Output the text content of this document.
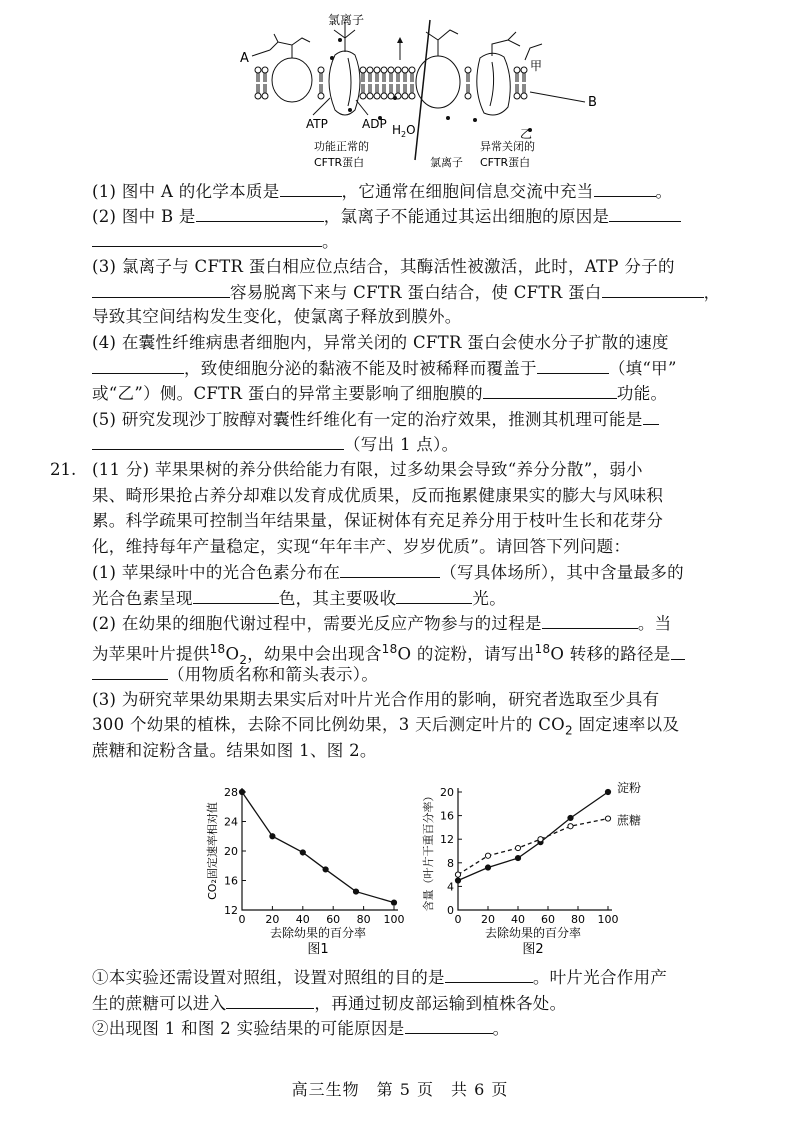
氯离子
A
B
甲
乙
ATP	ADP $H_2O$
功能正常的
CFTR蛋白	氯离子
异常关闭的
CFTR蛋白
(1) 图中 A 的化学本质是	，它通常在细胞间信息交流中充当	。
(2) 图中 B 是	，氯离子不能通过其运出细胞的原因是
。
(3) 氯离子与 CFTR 蛋白相应位点结合，其酶活性被激活，此时，ATP 分子的
容易脱离下来与 CFTR 蛋白结合，使 CFTR 蛋白	，
导致其空间结构发生变化，使氯离子释放到膜外。
(4) 在囊性纤维病患者细胞内，异常关闭的 CFTR 蛋白会使水分子扩散的速度
，致使细胞分泌的黏液不能及时被稀释而覆盖于	（填“甲”
或“乙”）侧。CFTR 蛋白的异常主要影响了细胞膜的	功能。
(5) 研究发现沙丁胺醇对囊性纤维化有一定的治疗效果，推测其机理可能是
（写出 1 点）。
21. (11 分) 苹果果树的养分供给能力有限，过多幼果会导致“养分分散”，弱小
果、畸形果抢占养分却难以发育成优质果，反而拖累健康果实的膨大与风味积
累。科学疏果可控制当年结果量，保证树体有充足养分用于枝叶生长和花芽分
化，维持每年产量稳定，实现“年年丰产、岁岁优质”。请回答下列问题：
(1) 苹果绿叶中的光合色素分布在	（写具体场所），其中含量最多的
光合色素呈现	色，其主要吸收	光。
(2) 在幼果的细胞代谢过程中，需要光反应产物参与的过程是	。当
为苹果叶片提供$^{18}O_2$，幼果中会出现含$^{18}$O 的淀粉，请写出$^{18}$O 转移的路径是
（用物质名称和箭头表示）。
(3) 为研究苹果幼果期去果实后对叶片光合作用的影响，研究者选取至少具有
300 个幼果的植株，去除不同比例幼果，3 天后测定叶片的 $CO_2$ 固定速率以及
蔗糖和淀粉含量。结果如图 1、图 2。
12
16
20
24
28
0 20 40 60 80 100
去除幼果的百分率
图1
CO₂固定速率相对值
0
4
8
12
16
20
0 20 40 60 80 100
去除幼果的百分率
图2
含量（叶片干重百分率）
淀粉
蔗糖
①本实验还需设置对照组，设置对照组的目的是	。叶片光合作用产
生的蔗糖可以进入	，再通过韧皮部运输到植株各处。
②出现图 1 和图 2 实验结果的可能原因是	。
高三生物　第 5 页　共 6 页
